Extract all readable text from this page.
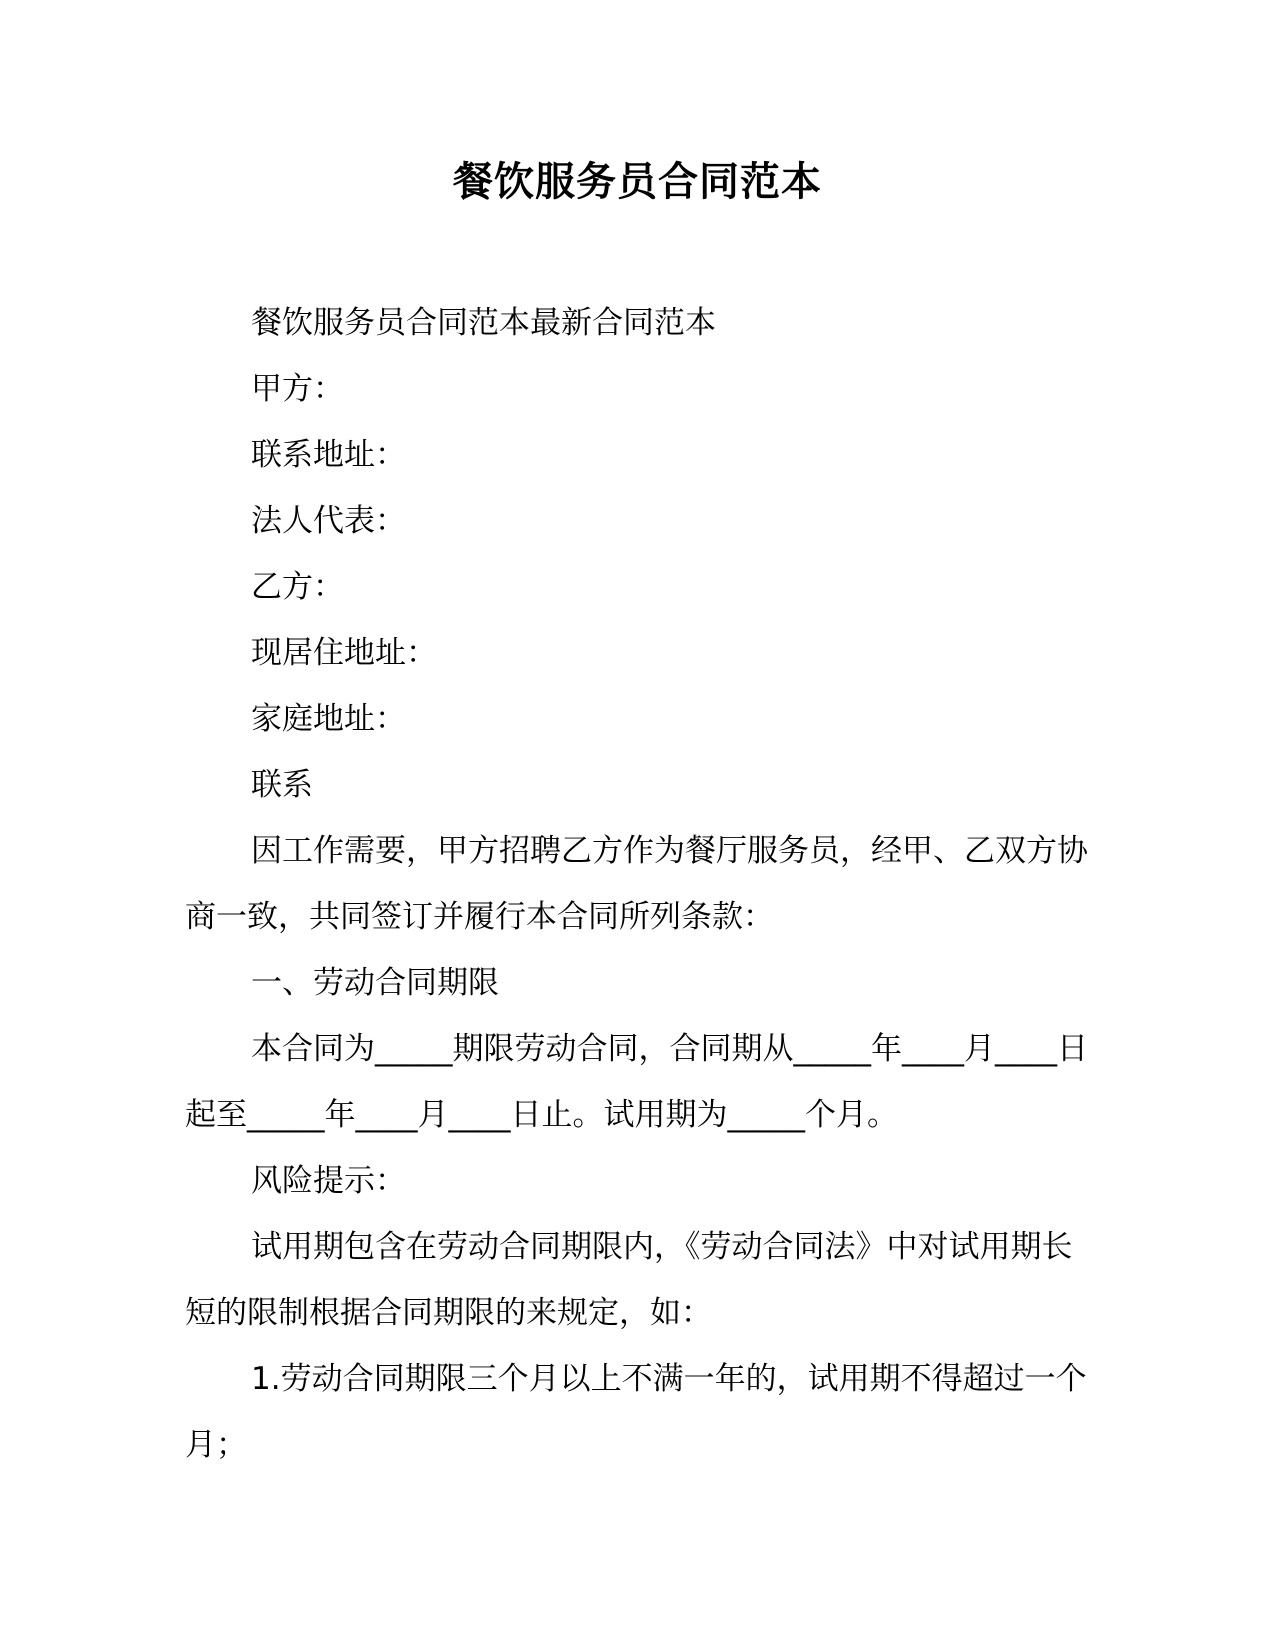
餐饮服务员合同范本

餐饮服务员合同范本最新合同范本

甲方：

联系地址：

法人代表：

乙方：

现居住地址：

家庭地址：

联系

因工作需要，甲方招聘乙方作为餐厅服务员，经甲、乙双方协商一致，共同签订并履行本合同所列条款：

一、劳动合同期限

本合同为_____期限劳动合同，合同期从_____年____月____日起至_____年____月____日止。试用期为_____个月。

风险提示：

试用期包含在劳动合同期限内，《劳动合同法》中对试用期长短的限制根据合同期限的来规定，如：

1.劳动合同期限三个月以上不满一年的，试用期不得超过一个月；
